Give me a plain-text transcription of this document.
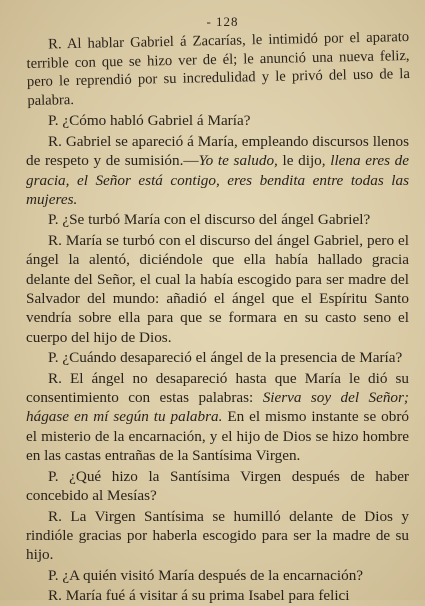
- 128

R. Al hablar Gabriel á Zacarías, le intimidó por el aparato terrible con que se hizo ver de él; le anunció una nueva feliz, pero le reprendió por su incredulidad y le privó del uso de la palabra.

P. ¿Cómo habló Gabriel á María?

R. Gabriel se apareció á María, empleando discursos llenos de respeto y de sumisión.—Yo te saludo, le dijo, llena eres de gracia, el Señor está contigo, eres bendita entre todas las mujeres.

P. ¿Se turbó María con el discurso del ángel Gabriel?

R. María se turbó con el discurso del ángel Gabriel, pero el ángel la alentó, diciéndole que ella había hallado gracia delante del Señor, el cual la había escogido para ser madre del Salvador del mundo: añadió el ángel que el Espíritu Santo vendría sobre ella para que se formara en su casto seno el cuerpo del hijo de Dios.

P. ¿Cuándo desapareció el ángel de la presencia de María?

R. El ángel no desapareció hasta que María le dió su consentimiento con estas palabras: Sierva soy del Señor; hágase en mí según tu palabra. En el mismo instante se obró el misterio de la encarnación, y el hijo de Dios se hizo hombre en las castas entrañas de la Santísima Virgen.

P. ¿Qué hizo la Santísima Virgen después de haber concebido al Mesías?

R. La Virgen Santísima se humilló delante de Dios y rindióle gracias por haberla escogido para ser la madre de su hijo.

P. ¿A quién visitó María después de la encarnación?

R. María fué á visitar á su prima Isabel para felici
